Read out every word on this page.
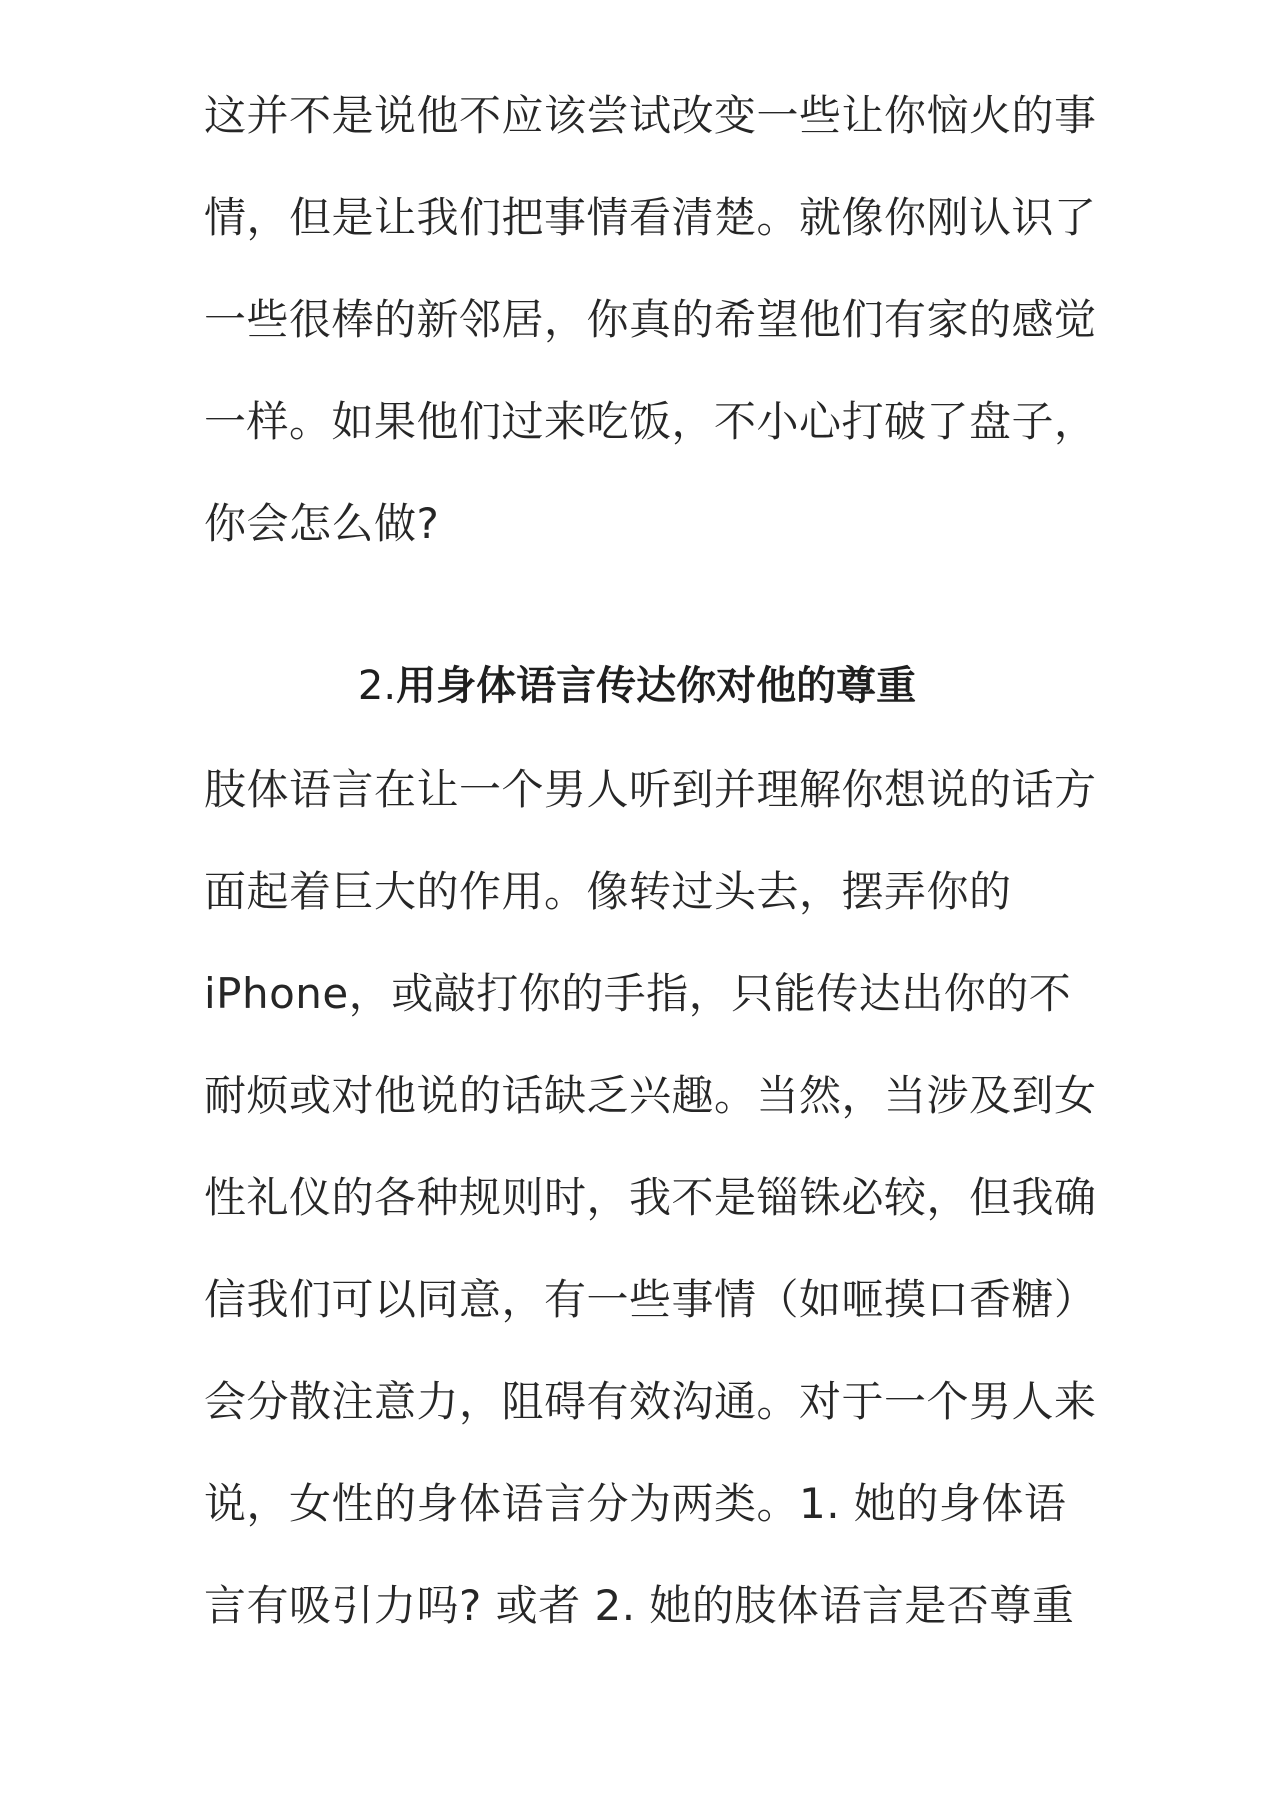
这并不是说他不应该尝试改变一些让你恼火的事
情，但是让我们把事情看清楚。就像你刚认识了
一些很棒的新邻居，你真的希望他们有家的感觉
一样。如果他们过来吃饭，不小心打破了盘子，
你会怎么做?
2.用身体语言传达你对他的尊重
肢体语言在让一个男人听到并理解你想说的话方
面起着巨大的作用。像转过头去，摆弄你的
iPhone，或敲打你的手指，只能传达出你的不
耐烦或对他说的话缺乏兴趣。当然，当涉及到女
性礼仪的各种规则时，我不是锱铢必较，但我确
信我们可以同意，有一些事情（如咂摸口香糖）
会分散注意力，阻碍有效沟通。对于一个男人来
说，女性的身体语言分为两类。1. 她的身体语
言有吸引力吗? 或者 2. 她的肢体语言是否尊重
